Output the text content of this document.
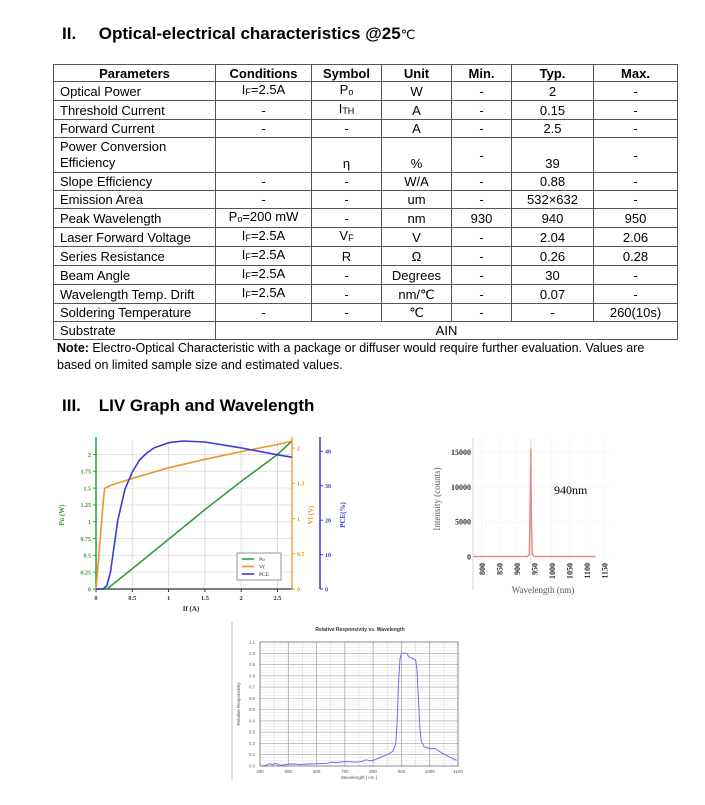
II. Optical-electrical characteristics @25℃
Parameters	Conditions	Symbol	Unit	Min.	Typ.	Max.
Optical Power	$I_F=2.5A$	$P_o$	W	-	2	-
Threshold Current	-	$I_{TH}$	A	-	0.15	-
Forward Current	-	-	A	-	2.5	-
Power Conversion
Efficiency		η	%	-	39	-
Slope Efficiency	-	-	W/A	-	0.88	-
Emission Area	-	-	um	-	532×632	-
Peak Wavelength	$P_o=200$ mW	-	nm	930	940	950
Laser Forward Voltage	$I_F=2.5A$	$V_F$	V	-	2.04	2.06
Series Resistance	$I_F=2.5A$	R	Ω	-	0.26	0.28
Beam Angle	$I_F=2.5A$	-	Degrees	-	30	-
Wavelength Temp. Drift	$I_F=2.5A$	-	nm/℃	-	0.07	-
Soldering Temperature	-	-	℃	-	-	260(10s)
Substrate	AIN					
Note: Electro-Optical Characteristic with a package or diffuser would require further evaluation. Values are based on limited sample size and estimated values.
III. LIV Graph and Wavelength
0	0.5	1	1.5	2	2.5
If (A)
0
0.25
0.5
0.75
1
1.25
1.5
1.75
2
Po (W)
0
0.5
1
1.5
2
Vf (V)
0
10
20
30
40
PCE(%)
Po
Vf
PCE
0
5000
10000
15000
800 850 900 950 1000 1050 1100 1150
Wavelength (nm)
Intensity (counts)	940nm
0.0
0.1
0.2
0.3
0.4
0.5
0.6
0.7
0.8
0.9
1.0
1.1
400	500	600	700	800	900	1000	1100
Wavelength [ nm ]
Relative Responsivity
Relative Responsivity vs. Wavelength
